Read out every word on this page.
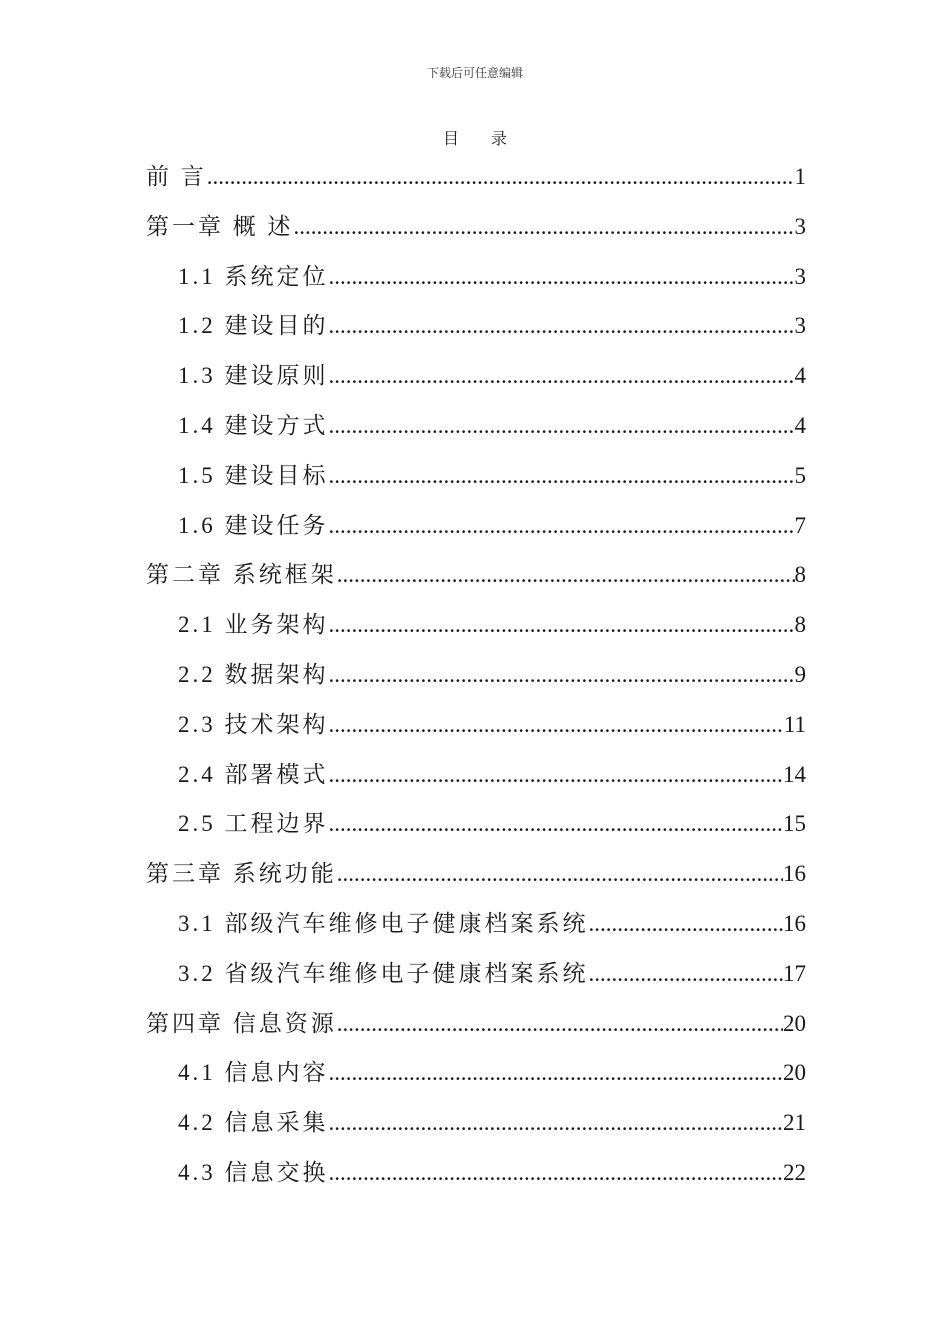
下载后可任意编辑
目 录
前 言 .....	1
第一章 概 述 .....	3
1.1 系统定位 .....	3
1.2 建设目的 .....	3
1.3 建设原则 .....	4
1.4 建设方式 .....	4
1.5 建设目标 .....	5
1.6 建设任务 .....	7
第二章 系统框架 .....	8
2.1 业务架构 .....	8
2.2 数据架构 .....	9
2.3 技术架构 .....	11
2.4 部署模式 .....	14
2.5 工程边界 .....	15
第三章 系统功能 .....	16
3.1 部级汽车维修电子健康档案系统 .....	16
3.2 省级汽车维修电子健康档案系统 .....	17
第四章 信息资源 .....	20
4.1 信息内容 .....	20
4.2 信息采集 .....	21
4.3 信息交换 .....	22
